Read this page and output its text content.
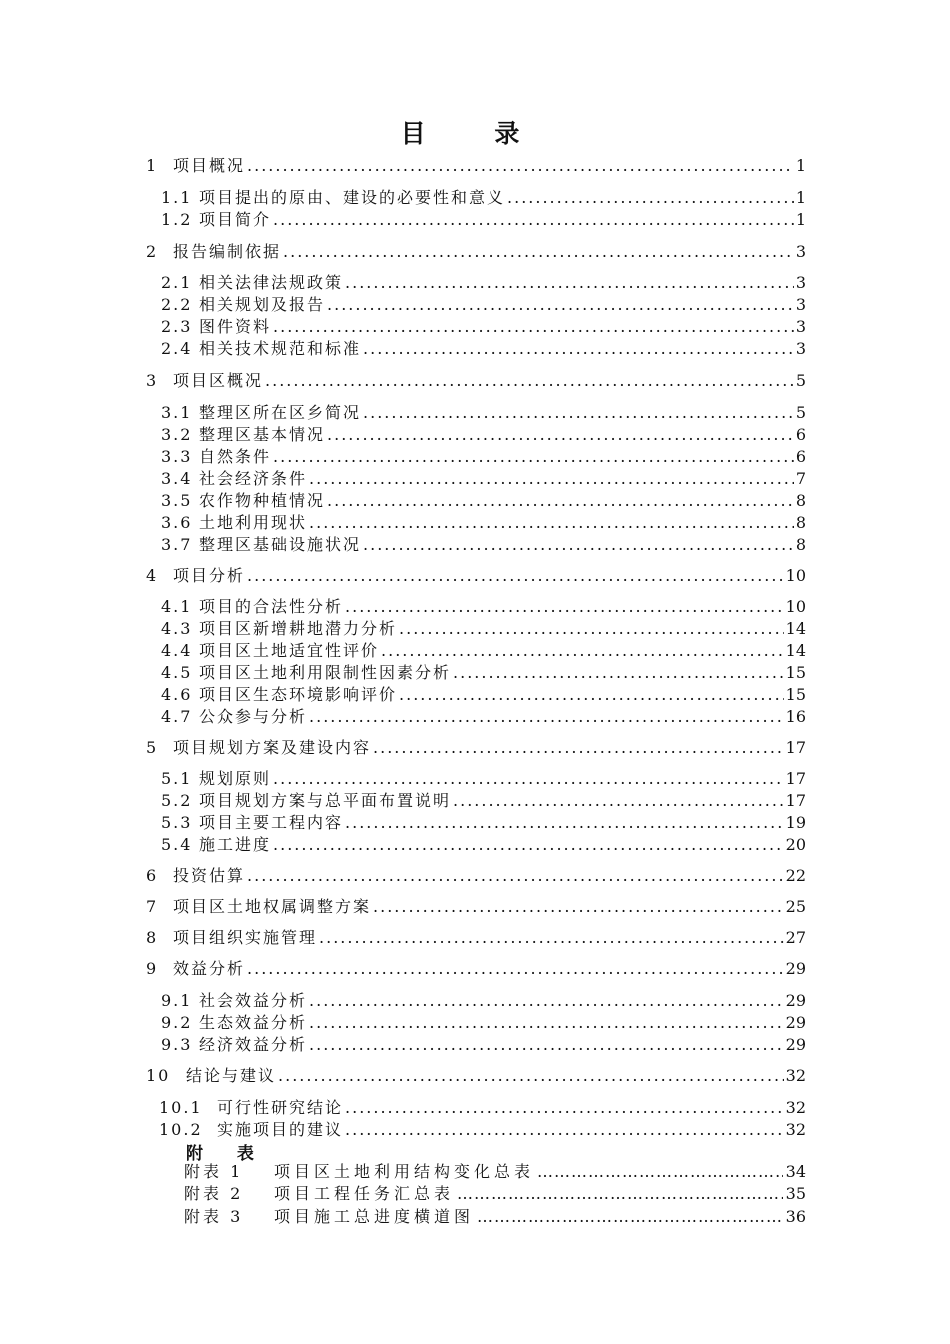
目 录
1 项目概况 .....	1
1.1 项目提出的原由、建设的必要性和意义 .....	1
1.2 项目简介 .....	1
2 报告编制依据 .....	3
2.1 相关法律法规政策 .....	3
2.2 相关规划及报告 .....	3
2.3 图件资料 .....	3
2.4 相关技术规范和标准 .....	3
3 项目区概况 .....	5
3.1 整理区所在区乡简况 .....	5
3.2 整理区基本情况 .....	6
3.3 自然条件 .....	6
3.4 社会经济条件 .....	7
3.5 农作物种植情况 .....	8
3.6 土地利用现状 .....	8
3.7 整理区基础设施状况 .....	8
4 项目分析 .....	10
4.1 项目的合法性分析 .....	10
4.3 项目区新增耕地潜力分析 .....	14
4.4 项目区土地适宜性评价 .....	14
4.5 项目区土地利用限制性因素分析 .....	15
4.6 项目区生态环境影响评价 .....	15
4.7 公众参与分析 .....	16
5 项目规划方案及建设内容 .....	17
5.1 规划原则 .....	17
5.2 项目规划方案与总平面布置说明 .....	17
5.3 项目主要工程内容 .....	19
5.4 施工进度 .....	20
6 投资估算 .....	22
7 项目区土地权属调整方案 .....	25
8 项目组织实施管理 .....	27
9 效益分析 .....	29
9.1 社会效益分析 .....	29
9.2 生态效益分析 .....	29
9.3 经济效益分析 .....	29
10 结论与建议 .....	32
10.1 可行性研究结论 .....	32
10.2 实施项目的建议 .....	32
附 表
附表 1	项目区土地利用结构变化总表 …………………………………………………………………………………………………………………………………………	34
附表 2	项目工程任务汇总表 …………………………………………………………………………………………………………………………………………	35
附表 3	项目施工总进度横道图 …………………………………………………………………………………………………………………………………………	36
